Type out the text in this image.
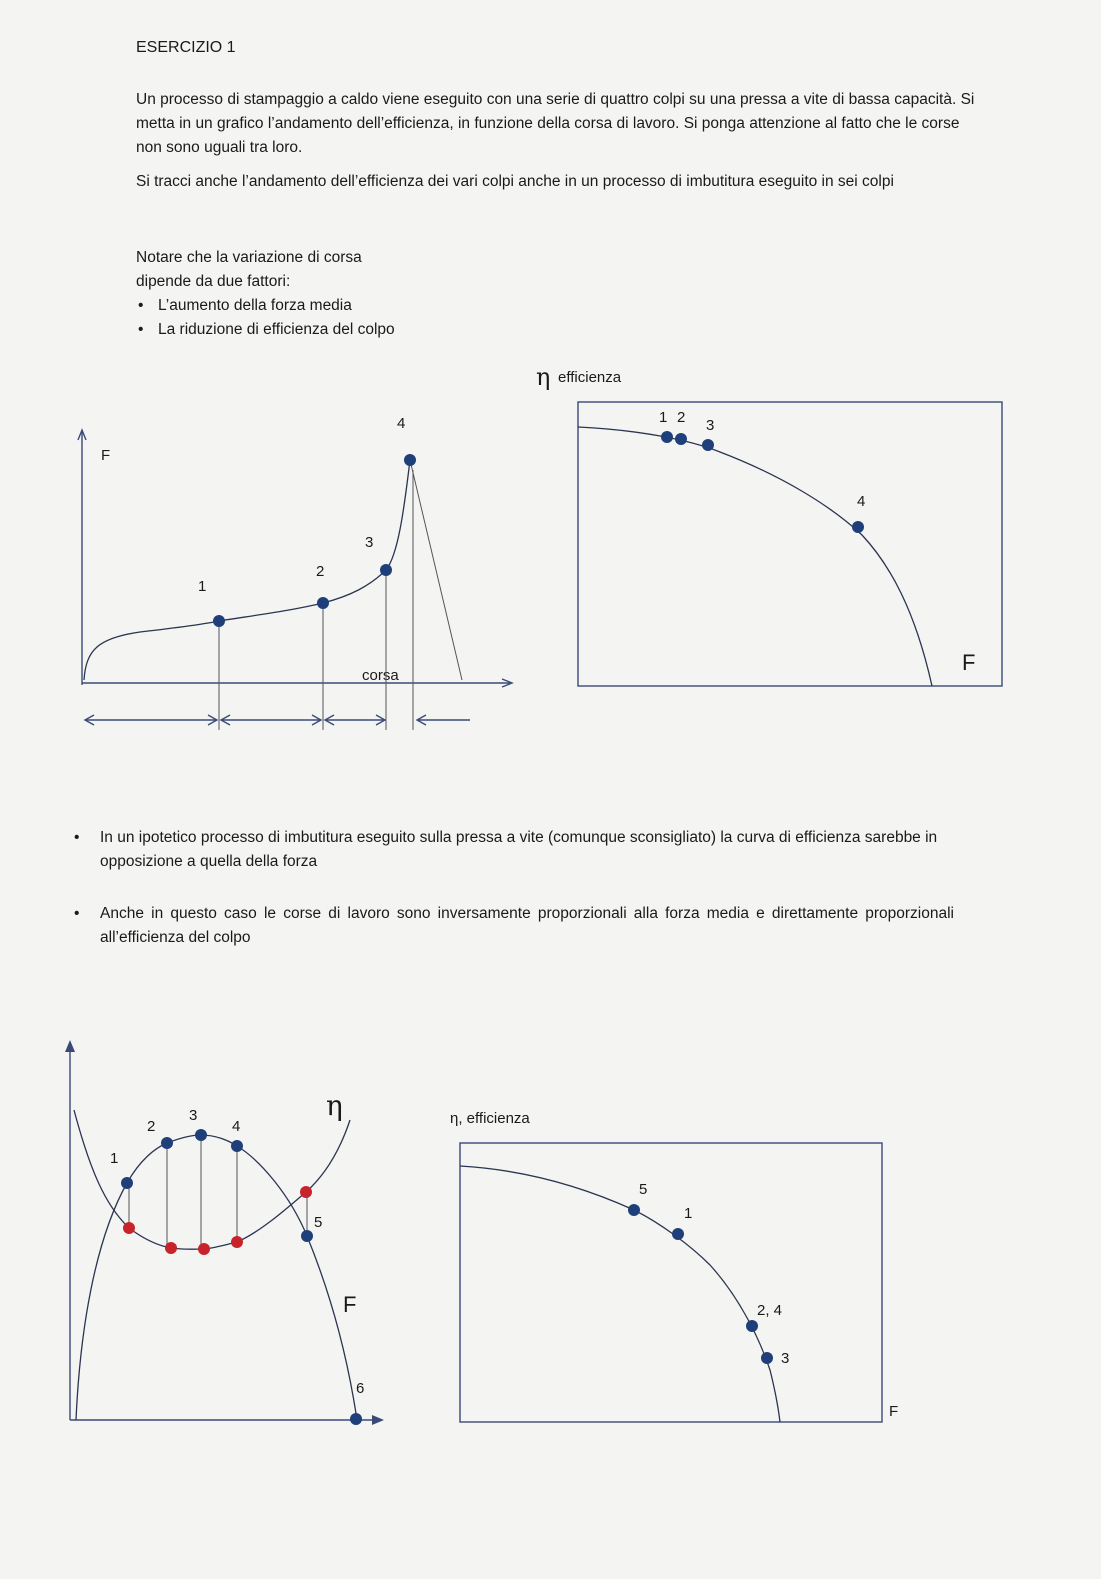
ESERCIZIO 1
Un processo di stampaggio a caldo viene eseguito con una serie di quattro colpi su una pressa a vite di bassa capacità. Si metta in un grafico l’andamento dell’efficienza, in funzione della corsa di lavoro. Si ponga attenzione al fatto che le corse non sono uguali tra loro.
Si tracci anche l’andamento dell’efficienza dei vari colpi anche in un processo di imbutitura eseguito in sei colpi
Notare che la variazione di corsa dipende da due fattori:
• L’aumento della forza media
• La riduzione di efficienza del colpo
•	In un ipotetico processo di imbutitura eseguito sulla pressa a vite (comunque sconsigliato) la curva di efficienza sarebbe in opposizione a quella della forza
•	Anche in questo caso le corse di lavoro sono inversamente proporzionali alla forza media e direttamente proporzionali all’efficienza del colpo
F
corsa
1
2
3
4
η efficienza
1 2 3
4
F
1
2
3
4
5
6
η
F
η, efficienza
5
1
2, 4
3
F
